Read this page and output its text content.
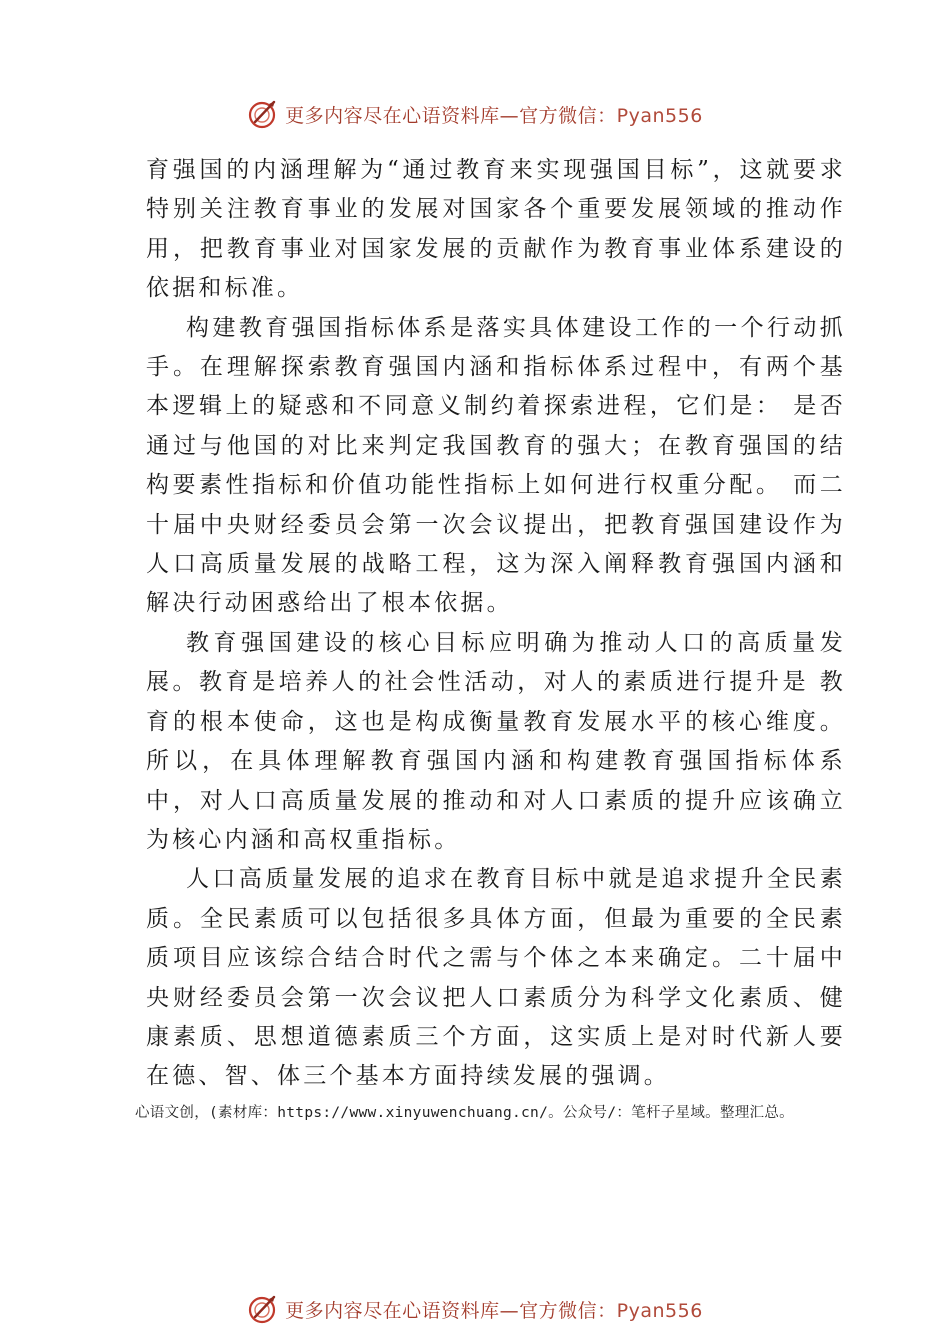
更多内容尽在心语资料库—官方微信：Pyan556

育强国的内涵理解为“通过教育来实现强国目标”，这就要求特别关注教育事业的发展对国家各个重要发展领域的推动作用，把教育事业对国家发展的贡献作为教育事业体系建设的依据和标准。

构建教育强国指标体系是落实具体建设工作的一个行动抓手。在理解探索教育强国内涵和指标体系过程中，有两个基本逻辑上的疑惑和不同意义制约着探索进程，它们是： 是否通过与他国的对比来判定我国教育的强大；在教育强国的结构要素性指标和价值功能性指标上如何进行权重分配。 而二十届中央财经委员会第一次会议提出，把教育强国建设作为人口高质量发展的战略工程，这为深入阐释教育强国内涵和解决行动困惑给出了根本依据。

教育强国建设的核心目标应明确为推动人口的高质量发展。教育是培养人的社会性活动，对人的素质进行提升是 教育的根本使命，这也是构成衡量教育发展水平的核心维度。所以，在具体理解教育强国内涵和构建教育强国指标体系中，对人口高质量发展的推动和对人口素质的提升应该确立为核心内涵和高权重指标。

人口高质量发展的追求在教育目标中就是追求提升全民素质。全民素质可以包括很多具体方面，但最为重要的全民素质项目应该综合结合时代之需与个体之本来确定。二十届中央财经委员会第一次会议把人口素质分为科学文化素质、健康素质、思想道德素质三个方面，这实质上是对时代新人要在德、智、体三个基本方面持续发展的强调。

心语文创，(素材库：https://www.xinyuwenchuang.cn/。公众号/：笔杆子星域。整理汇总。
更多内容尽在心语资料库—官方微信：Pyan556
